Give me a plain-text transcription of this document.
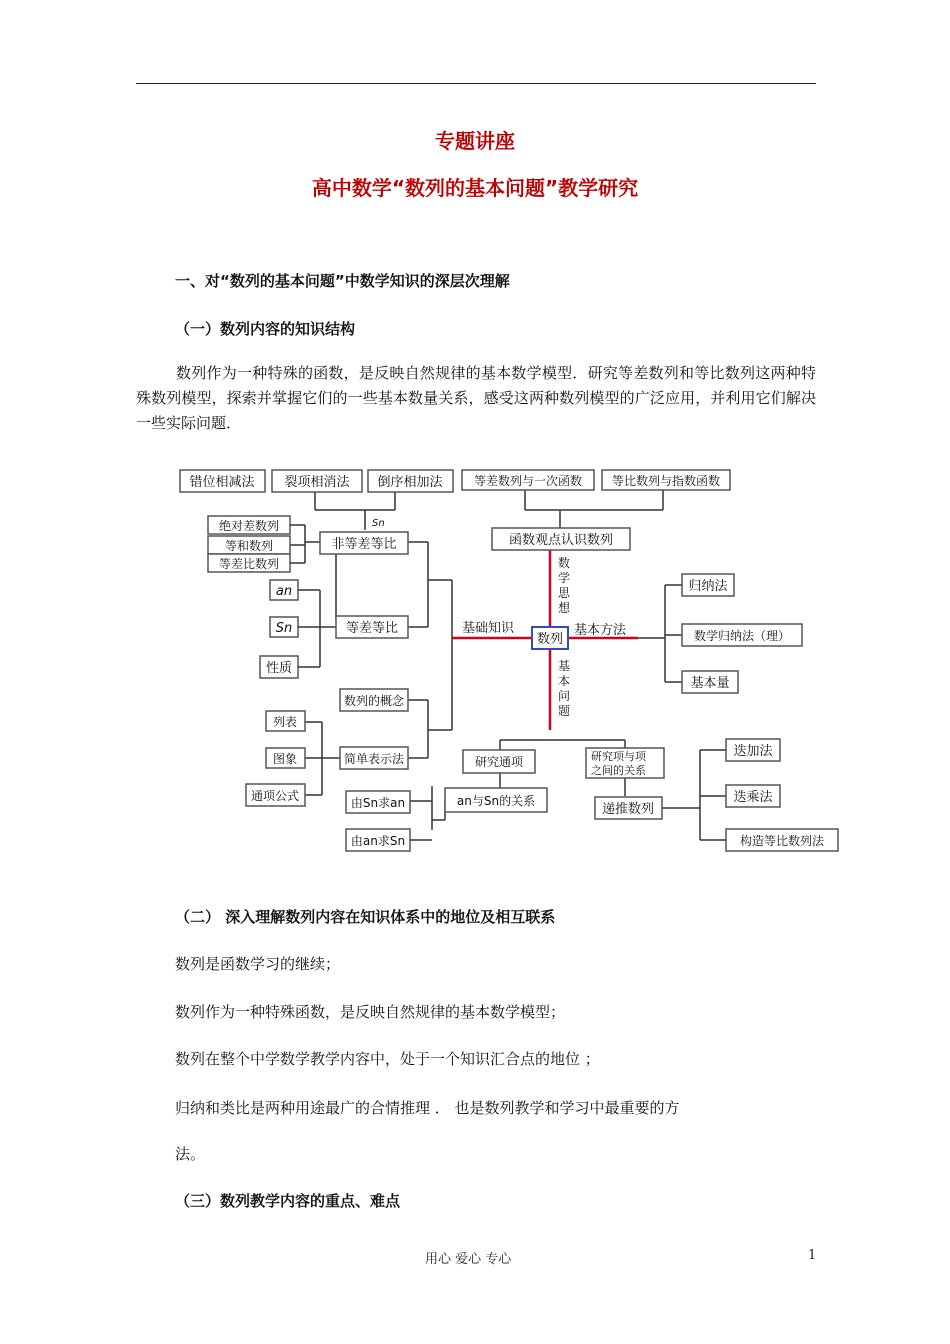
专题讲座
高中数学“数列的基本问题”教学研究
一、对“数列的基本问题”中数学知识的深层次理解
（一）数列内容的知识结构
数列作为一种特殊的函数，是反映自然规律的基本数学模型．研究等差数列和等比数列这两种特殊数列模型，探索并掌握它们的一些基本数量关系，感受这两种数列模型的广泛应用，并利用它们解决一些实际问题．
错位相减法 裂项相消法 倒序相加法	等差数列与一次函数 等比数列与指数函数
Sn
函数观点认识数列
绝对差数列
等和数列
等差比数列
非等差等比
an
Sn
性质
等差等比	基础知识	基本方法
数列
数学思想
基本问题
归纳法
数学归纳法（理）
基本量
数列的概念
简单表示法
列表
图象
通项公式
研究通项	研究项与项之间的关系
an与Sn的关系
由Sn求an
由an求Sn
递推数列
迭加法
迭乘法
构造等比数列法
（二） 深入理解数列内容在知识体系中的地位及相互联系
数列是函数学习的继续；
数列作为一种特殊函数，是反映自然规律的基本数学模型；
数列在整个中学数学教学内容中，处于一个知识汇合点的地位 ；
归纳和类比是两种用途最广的合情推理 ． 也是数列教学和学习中最重要的方
法。
（三）数列教学内容的重点、难点
用心 爱心 专心	1
